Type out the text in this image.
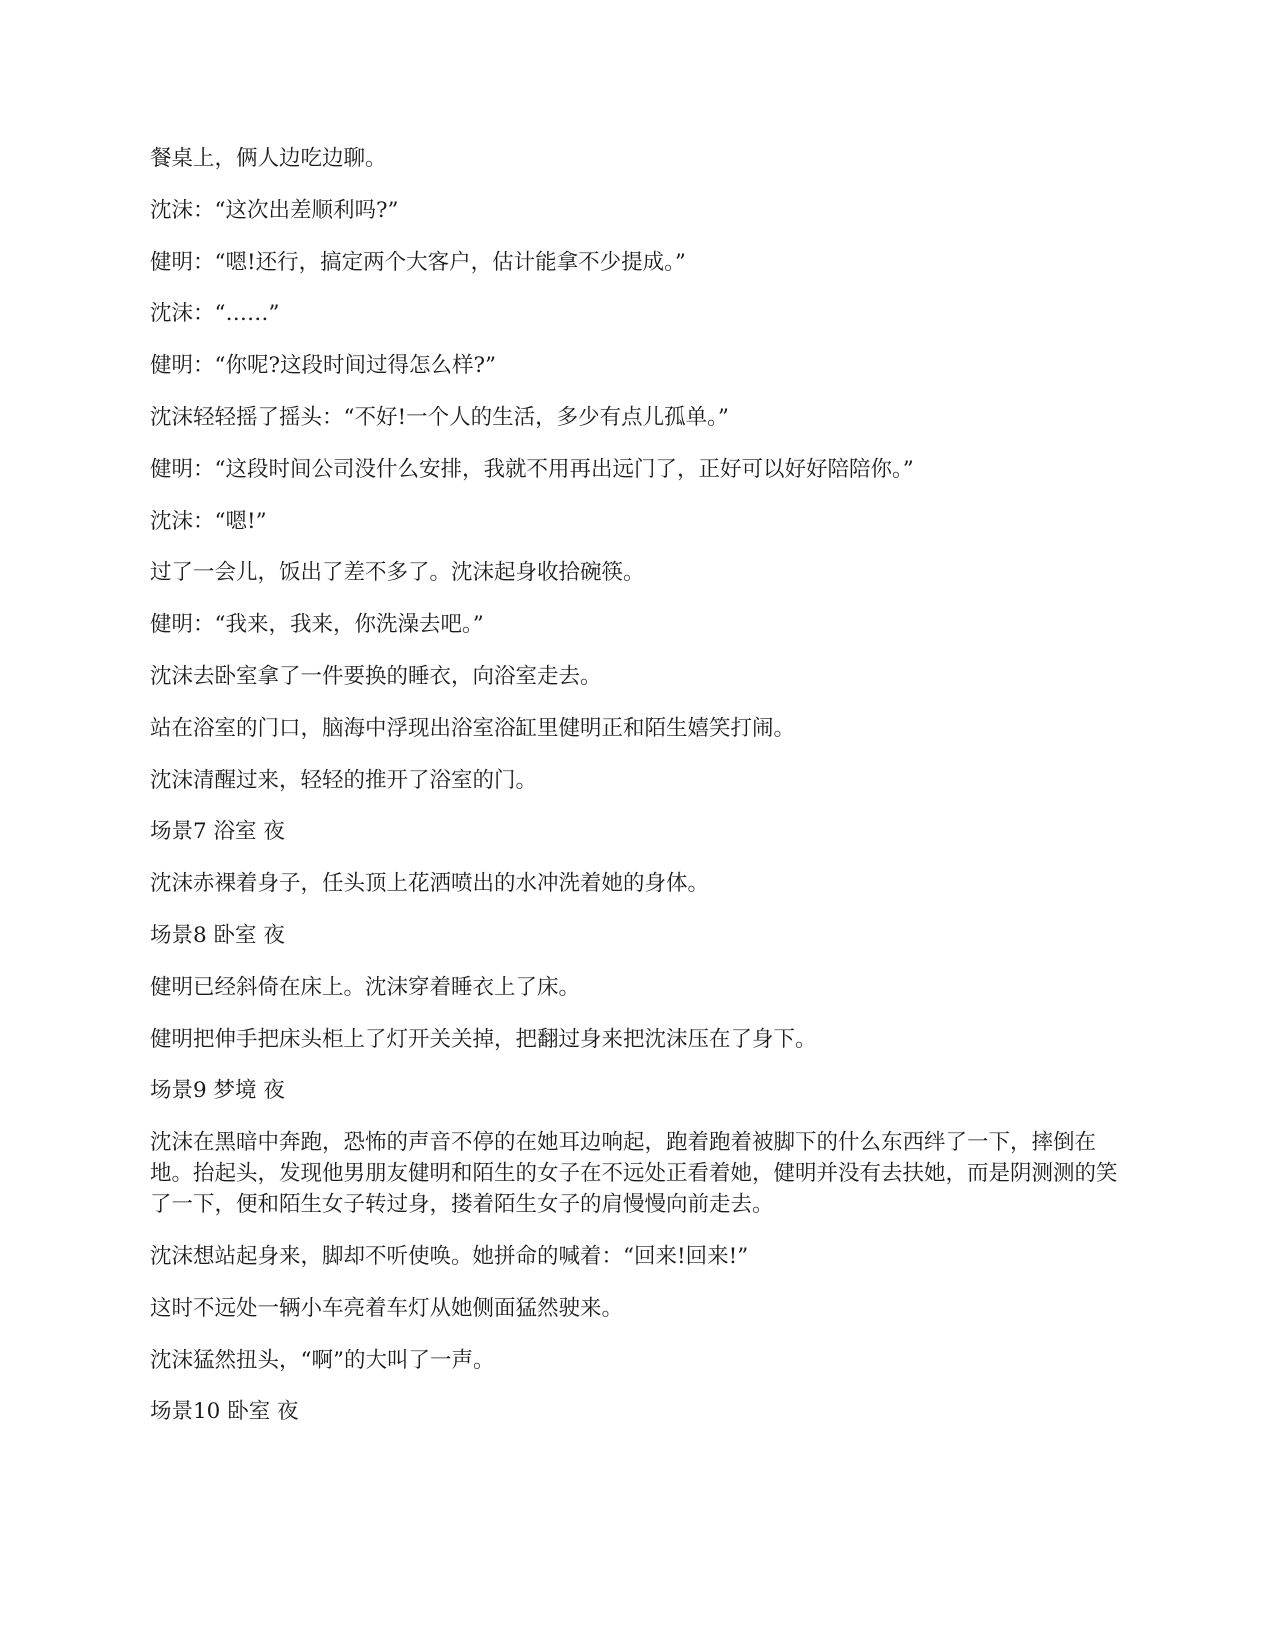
餐桌上，俩人边吃边聊。

沈沫：“这次出差顺利吗?”

健明：“嗯!还行，搞定两个大客户，估计能拿不少提成。”

沈沫：“……”

健明：“你呢?这段时间过得怎么样?”

沈沫轻轻摇了摇头：“不好!一个人的生活，多少有点儿孤单。”

健明：“这段时间公司没什么安排，我就不用再出远门了，正好可以好好陪陪你。”

沈沫：“嗯!”

过了一会儿，饭出了差不多了。沈沫起身收拾碗筷。

健明：“我来，我来，你洗澡去吧。”

沈沫去卧室拿了一件要换的睡衣，向浴室走去。

站在浴室的门口，脑海中浮现出浴室浴缸里健明正和陌生嬉笑打闹。

沈沫清醒过来，轻轻的推开了浴室的门。

场景7 浴室 夜

沈沫赤裸着身子，任头顶上花洒喷出的水冲洗着她的身体。

场景8 卧室 夜

健明已经斜倚在床上。沈沫穿着睡衣上了床。

健明把伸手把床头柜上了灯开关关掉，把翻过身来把沈沫压在了身下。

场景9 梦境 夜

沈沫在黑暗中奔跑，恐怖的声音不停的在她耳边响起，跑着跑着被脚下的什么东西绊了一下，摔倒在地。抬起头，发现他男朋友健明和陌生的女子在不远处正看着她，健明并没有去扶她，而是阴测测的笑了一下，便和陌生女子转过身，搂着陌生女子的肩慢慢向前走去。

沈沫想站起身来，脚却不听使唤。她拼命的喊着：“回来!回来!”

这时不远处一辆小车亮着车灯从她侧面猛然驶来。

沈沫猛然扭头，“啊”的大叫了一声。

场景10 卧室 夜
